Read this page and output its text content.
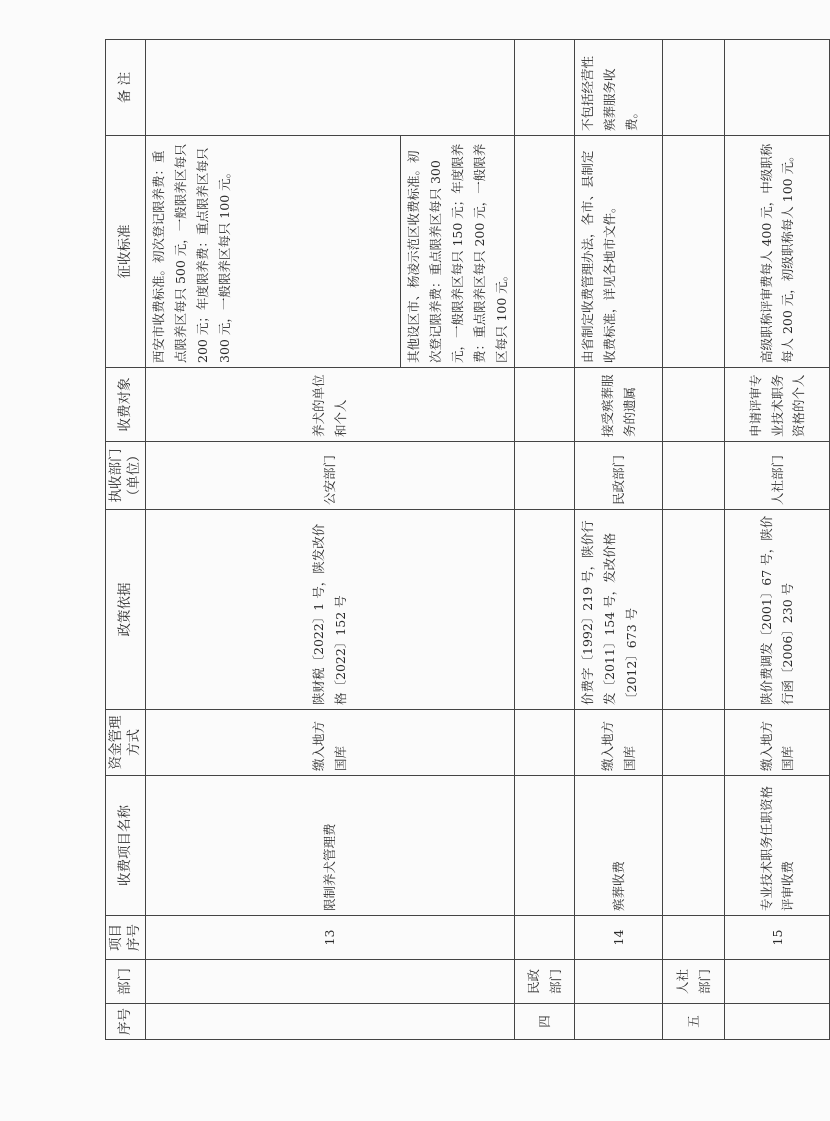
序号	部门	项目序号	收费项目名称	资金管理方式	政策依据	执收部门（单位）	收费对象	征收标准	备 注
		13	限制养犬管理费	缴入地方国库	陕财税〔2022〕1 号，陕发改价格〔2022〕152 号	公安部门	养犬的单位和个人	西安市收费标准。初次登记限养费：重点限养区每只 500 元，一般限养区每只 200 元；年度限养费：重点限养区每只 300 元，一般限养区每只 100 元。	
								其他设区市、杨凌示范区收费标准。初次登记限养费：重点限养区每只 300 元，一般限养区每只 150 元；年度限养费：重点限养区每只 200 元，一般限养区每只 100 元。	
四	民政部门								
		14	殡葬收费	缴入地方国库	价费字〔1992〕219 号，陕价行发〔2011〕154 号，发改价格〔2012〕673 号	民政部门	接受殡葬服务的遗属	由省制定收费管理办法，各市、县制定收费标准，详见各地市文件。	不包括经营性殡葬服务收费。
五	人社部门								
		15	专业技术职务任职资格评审收费	缴入地方国库	陕价费调发〔2001〕67 号，陕价行函〔2006〕230 号	人社部门	申请评审专业技术职务资格的个人	高级职称评审费每人 400 元，中级职称每人 200 元，初级职称每人 100 元。	
